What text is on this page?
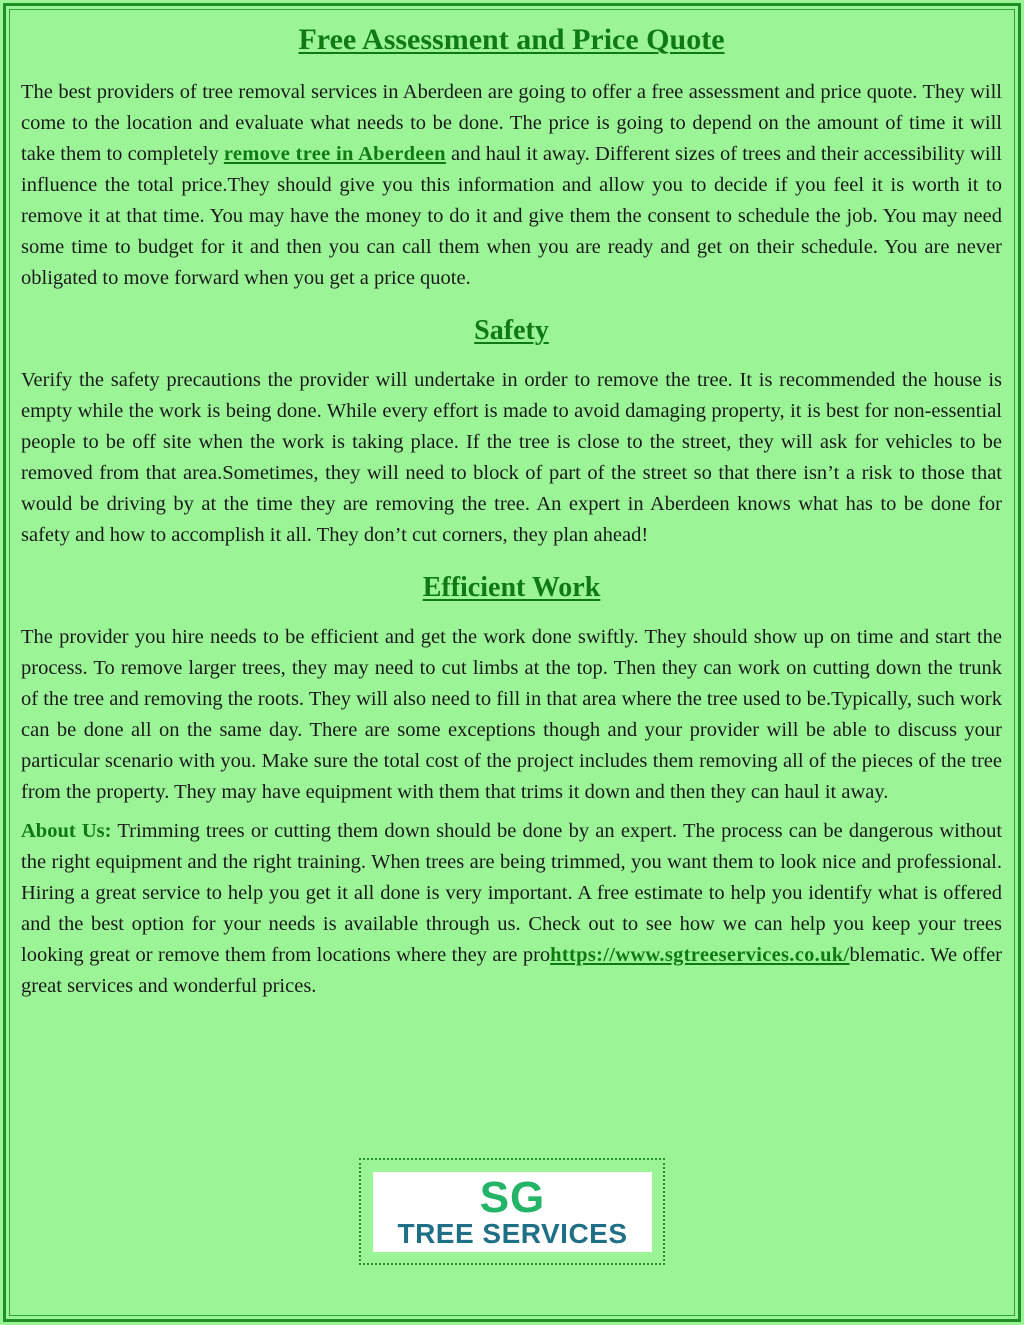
Free Assessment and Price Quote

The best providers of tree removal services in Aberdeen are going to offer a free assessment and price quote. They will come to the location and evaluate what needs to be done. The price is going to depend on the amount of time it will take them to completely remove tree in Aberdeen and haul it away. Different sizes of trees and their accessibility will influence the total price.They should give you this information and allow you to decide if you feel it is worth it to remove it at that time. You may have the money to do it and give them the consent to schedule the job. You may need some time to budget for it and then you can call them when you are ready and get on their schedule. You are never obligated to move forward when you get a price quote.

Safety

Verify the safety precautions the provider will undertake in order to remove the tree. It is recommended the house is empty while the work is being done. While every effort is made to avoid damaging property, it is best for non-essential people to be off site when the work is taking place. If the tree is close to the street, they will ask for vehicles to be removed from that area.Sometimes, they will need to block of part of the street so that there isn’t a risk to those that would be driving by at the time they are removing the tree. An expert in Aberdeen knows what has to be done for safety and how to accomplish it all. They don’t cut corners, they plan ahead!

Efficient Work

The provider you hire needs to be efficient and get the work done swiftly. They should show up on time and start the process. To remove larger trees, they may need to cut limbs at the top. Then they can work on cutting down the trunk of the tree and removing the roots. They will also need to fill in that area where the tree used to be.Typically, such work can be done all on the same day. There are some exceptions though and your provider will be able to discuss your particular scenario with you. Make sure the total cost of the project includes them removing all of the pieces of the tree from the property. They may have equipment with them that trims it down and then they can haul it away.

About Us: Trimming trees or cutting them down should be done by an expert. The process can be dangerous without the right equipment and the right training. When trees are being trimmed, you want them to look nice and professional. Hiring a great service to help you get it all done is very important. A free estimate to help you identify what is offered and the best option for your needs is available through us. Check out to see how we can help you keep your trees looking great or remove them from locations where they are prohttps://www.sgtreeservices.co.uk/blematic. We offer great services and wonderful prices.

SG
TREE SERVICES
